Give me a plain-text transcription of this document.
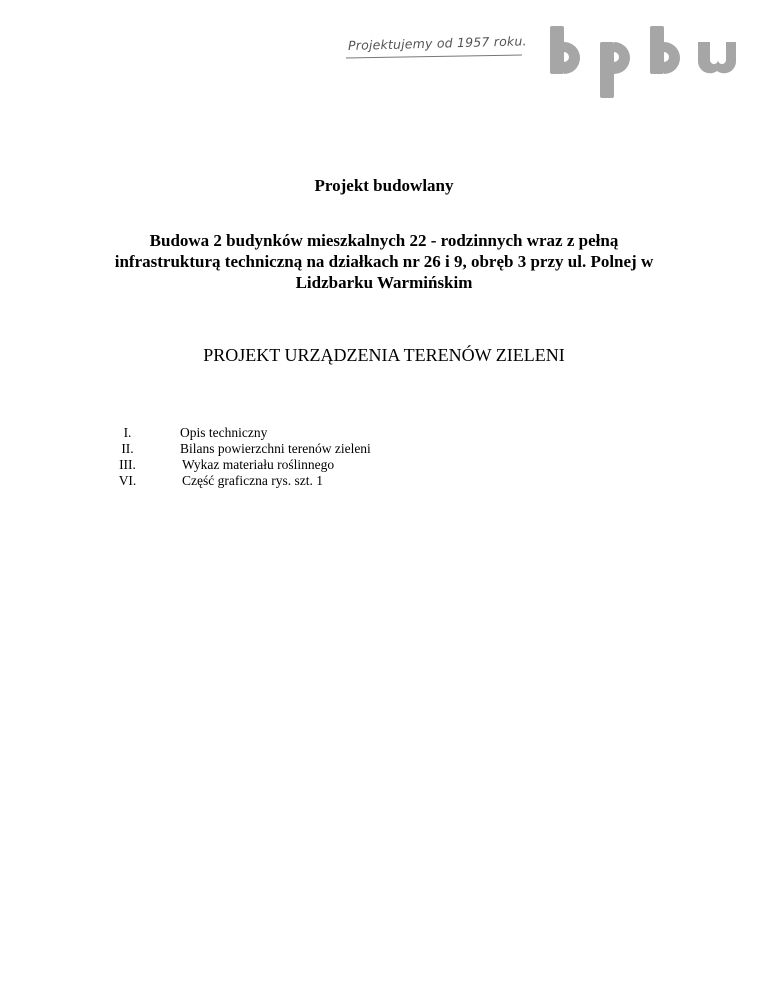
Projektujemy od 1957 roku.
Projekt budowlany
Budowa 2 budynków mieszkalnych 22 - rodzinnych wraz z pełną
infrastrukturą techniczną na działkach nr 26 i 9, obręb 3 przy ul. Polnej w
Lidzbarku Warmińskim
PROJEKT URZĄDZENIA TERENÓW ZIELENI
I.	Opis techniczny
II.	Bilans powierzchni terenów zieleni
III.	Wykaz materiału roślinnego
VI.	Część graficzna rys. szt. 1
